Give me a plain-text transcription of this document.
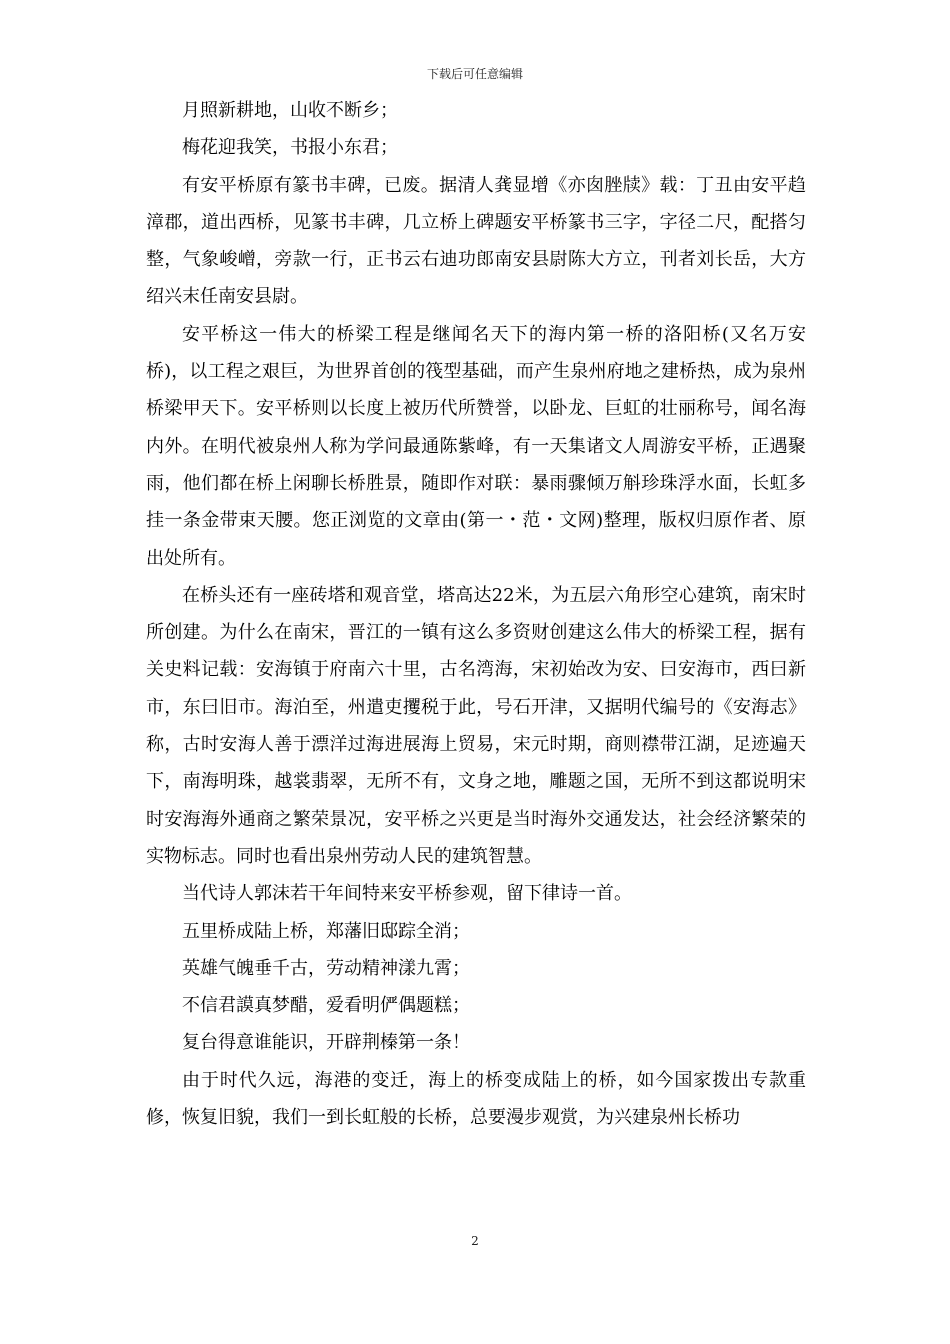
下载后可任意编辑

月照新耕地，山收不断乡；

梅花迎我笑，书报小东君；

有安平桥原有篆书丰碑，已废。据清人龚显增《亦囱脞牍》载：丁丑由安平趋漳郡，道出西桥，见篆书丰碑，几立桥上碑题安平桥篆书三字，字径二尺，配搭匀整，气象峻嶒，旁款一行，正书云右迪功郎南安县尉陈大方立，刊者刘长岳，大方绍兴末任南安县尉。

安平桥这一伟大的桥梁工程是继闻名天下的海内第一桥的洛阳桥(又名万安桥)，以工程之艰巨，为世界首创的筏型基础，而产生泉州府地之建桥热，成为泉州桥梁甲天下。安平桥则以长度上被历代所赞誉，以卧龙、巨虹的壮丽称号，闻名海内外。在明代被泉州人称为学问最通陈紫峰，有一天集诸文人周游安平桥，正遇聚雨，他们都在桥上闲聊长桥胜景，随即作对联：暴雨骤倾万斛珍珠浮水面，长虹多挂一条金带束天腰。您正浏览的文章由(第一・范・文网)整理，版权归原作者、原出处所有。

在桥头还有一座砖塔和观音堂，塔高达22米，为五层六角形空心建筑，南宋时所创建。为什么在南宋，晋江的一镇有这么多资财创建这么伟大的桥梁工程，据有关史料记载：安海镇于府南六十里，古名湾海，宋初始改为安、曰安海市，西曰新市，东曰旧市。海泊至，州遣吏攫税于此，号石开津，又据明代编号的《安海志》称，古时安海人善于漂洋过海进展海上贸易，宋元时期，商则襟带江湖，足迹遍天下，南海明珠，越裳翡翠，无所不有，文身之地，雕题之国，无所不到这都说明宋时安海海外通商之繁荣景况，安平桥之兴更是当时海外交通发达，社会经济繁荣的实物标志。同时也看出泉州劳动人民的建筑智慧。

当代诗人郭沫若干年间特来安平桥参观，留下律诗一首。

五里桥成陆上桥，郑藩旧邸踪全消；

英雄气魄垂千古，劳动精神漾九霄；

不信君謨真梦醋，爱看明俨偶题糕；

复台得意谁能识，开辟荆榛第一条！

由于时代久远，海港的变迁，海上的桥变成陆上的桥，如今国家拨出专款重修，恢复旧貌，我们一到长虹般的长桥，总要漫步观赏，为兴建泉州长桥功

2
